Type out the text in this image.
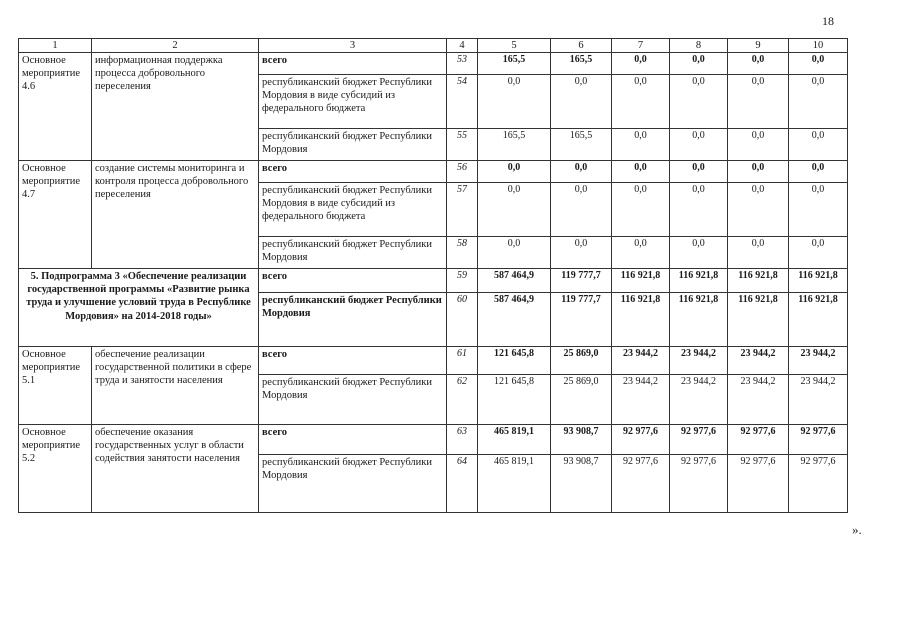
18
1	2	3	4	5	6	7	8	9	10
Основное мероприятие 4.6	информационная поддержка процесса добровольного переселения	всего	53	165,5	165,5	0,0	0,0	0,0	0,0
		республиканский бюджет Республики Мордовия в виде субсидий из федерального бюджета	54	0,0	0,0	0,0	0,0	0,0	0,0
		республиканский бюджет Республики Мордовия	55	165,5	165,5	0,0	0,0	0,0	0,0
Основное мероприятие 4.7	создание системы мониторинга и контроля процесса добровольного переселения	всего	56	0,0	0,0	0,0	0,0	0,0	0,0
		республиканский бюджет Республики Мордовия в виде субсидий из федерального бюджета	57	0,0	0,0	0,0	0,0	0,0	0,0
		республиканский бюджет Республики Мордовия	58	0,0	0,0	0,0	0,0	0,0	0,0
5. Подпрограмма 3 «Обеспечение реализации государственной программы «Развитие рынка труда и улучшение условий труда в Республике Мордовия» на 2014-2018 годы»		всего	59	587 464,9	119 777,7	116 921,8	116 921,8	116 921,8	116 921,8
		республиканский бюджет Республики Мордовия	60	587 464,9	119 777,7	116 921,8	116 921,8	116 921,8	116 921,8
Основное мероприятие 5.1	обеспечение реализации государственной политики в сфере труда и занятости населения	всего	61	121 645,8	25 869,0	23 944,2	23 944,2	23 944,2	23 944,2
		республиканский бюджет Республики Мордовия	62	121 645,8	25 869,0	23 944,2	23 944,2	23 944,2	23 944,2
Основное мероприятие 5.2	обеспечение оказания государственных услуг в области содействия занятости населения	всего	63	465 819,1	93 908,7	92 977,6	92 977,6	92 977,6	92 977,6
		республиканский бюджет Республики Мордовия	64	465 819,1	93 908,7	92 977,6	92 977,6	92 977,6	92 977,6
».
